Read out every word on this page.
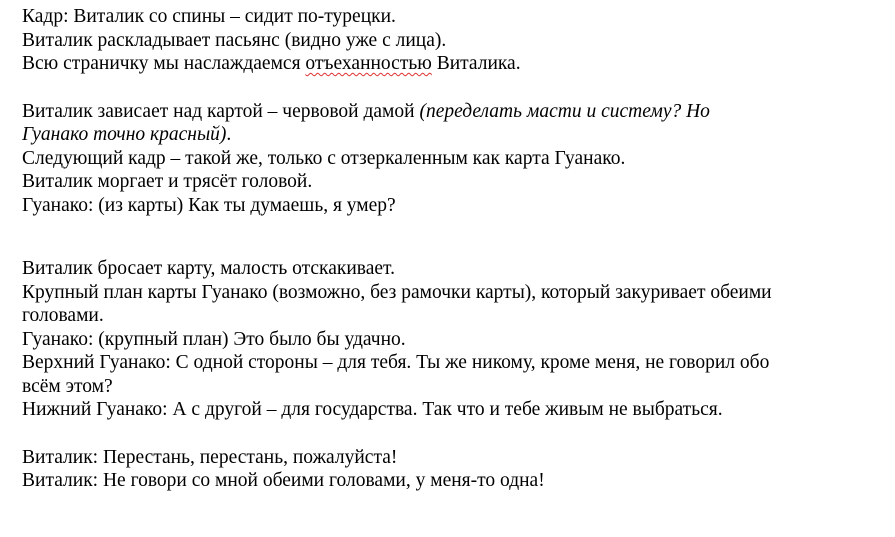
Кадр: Виталик со спины – сидит по-турецки.
Виталик раскладывает пасьянс (видно уже с лица).
Всю страничку мы наслаждаемся отъеханностью Виталика.
Виталик зависает над картой – червовой дамой (переделать масти и систему? Но
Гуанако точно красный).
Следующий кадр – такой же, только с отзеркаленным как карта Гуанако.
Виталик моргает и трясёт головой.
Гуанако: (из карты) Как ты думаешь, я умер?
Виталик бросает карту, малость отскакивает.
Крупный план карты Гуанако (возможно, без рамочки карты), который закуривает обеими
головами.
Гуанако: (крупный план) Это было бы удачно.
Верхний Гуанако: С одной стороны – для тебя. Ты же никому, кроме меня, не говорил обо
всём этом?
Нижний Гуанако: А с другой – для государства. Так что и тебе живым не выбраться.
Виталик: Перестань, перестань, пожалуйста!
Виталик: Не говори со мной обеими головами, у меня-то одна!
